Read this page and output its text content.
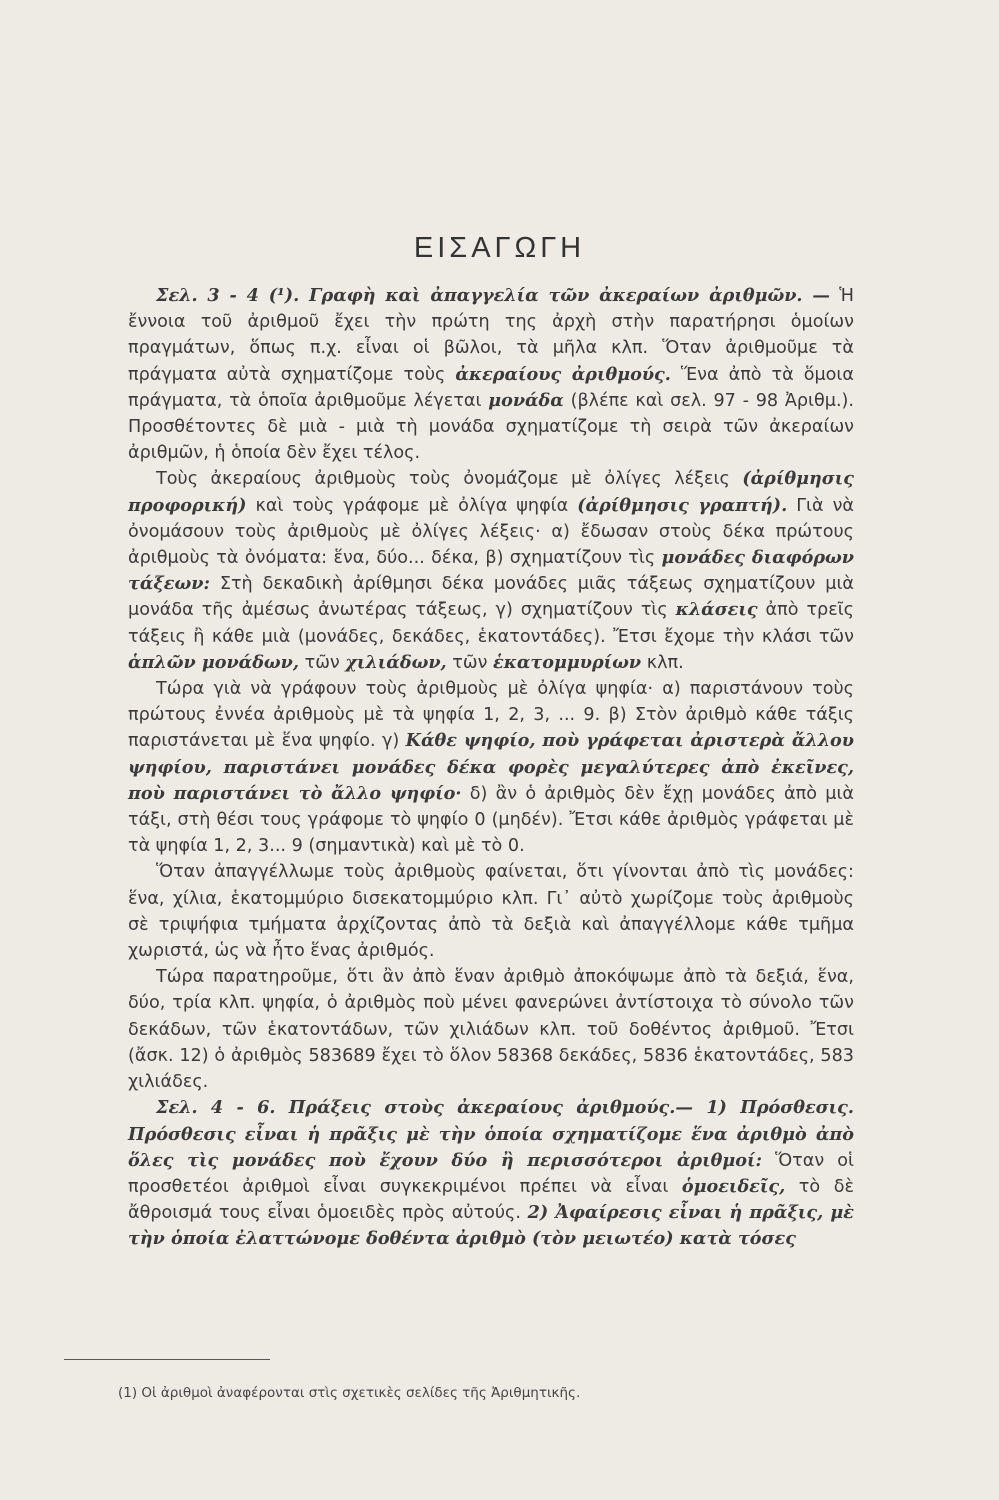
ΕΙΣΑΓΩΓΗ

Σελ. 3 - 4 (¹). Γραφὴ καὶ ἀπαγγελία τῶν ἀκεραίων ἀριθμῶν. — Ἡ ἔννοια τοῦ ἀριθμοῦ ἔχει τὴν πρώτη της ἀρχὴ στὴν παρατήρησι ὁμοίων πραγμάτων, ὅπως π.χ. εἶναι οἱ βῶλοι, τὰ μῆλα κλπ. Ὅταν ἀριθμοῦμε τὰ πράγματα αὐτὰ σχηματίζομε τοὺς ἀκεραίους ἀριθμούς. Ἕνα ἀπὸ τὰ ὅμοια πράγματα, τὰ ὁποῖα ἀριθμοῦμε λέγεται μονάδα (βλέπε καὶ σελ. 97 - 98 Ἀριθμ.). Προσθέτοντες δὲ μιὰ - μιὰ τὴ μονάδα σχηματίζομε τὴ σειρὰ τῶν ἀκεραίων ἀριθμῶν, ἡ ὁποία δὲν ἔχει τέλος.

Τοὺς ἀκεραίους ἀριθμοὺς τοὺς ὀνομάζομε μὲ ὀλίγες λέξεις (ἀρίθμησις προφορική) καὶ τοὺς γράφομε μὲ ὀλίγα ψηφία (ἀρίθμησις γραπτή). Γιὰ νὰ ὀνομάσουν τοὺς ἀριθμοὺς μὲ ὀλίγες λέξεις· α) ἔδωσαν στοὺς δέκα πρώτους ἀριθμοὺς τὰ ὀνόματα: ἕνα, δύο... δέκα, β) σχηματίζουν τὶς μονάδες διαφόρων τάξεων: Στὴ δεκαδικὴ ἀρίθμησι δέκα μονάδες μιᾶς τάξεως σχηματίζουν μιὰ μονάδα τῆς ἀμέσως ἀνωτέρας τάξεως, γ) σχηματίζουν τὶς κλάσεις ἀπὸ τρεῖς τάξεις ἢ κάθε μιὰ (μονάδες, δεκάδες, ἑκατοντάδες). Ἔτσι ἔχομε τὴν κλάσι τῶν ἁπλῶν μονάδων, τῶν χιλιάδων, τῶν ἑκατομμυρίων κλπ.

Τώρα γιὰ νὰ γράφουν τοὺς ἀριθμοὺς μὲ ὀλίγα ψηφία· α) παριστάνουν τοὺς πρώτους ἐννέα ἀριθμοὺς μὲ τὰ ψηφία 1, 2, 3, ... 9. β) Στὸν ἀριθμὸ κάθε τάξις παριστάνεται μὲ ἕνα ψηφίο. γ) Κάθε ψηφίο, ποὺ γράφεται ἀριστερὰ ἄλλου ψηφίου, παριστάνει μονάδες δέκα φορὲς μεγαλύτερες ἀπὸ ἐκεῖνες, ποὺ παριστάνει τὸ ἄλλο ψηφίο· δ) ἂν ὁ ἀριθμὸς δὲν ἔχῃ μονάδες ἀπὸ μιὰ τάξι, στὴ θέσι τους γράφομε τὸ ψηφίο 0 (μηδέν). Ἔτσι κάθε ἀριθμὸς γράφεται μὲ τὰ ψηφία 1, 2, 3... 9 (σημαντικὰ) καὶ μὲ τὸ 0.

Ὅταν ἀπαγγέλλωμε τοὺς ἀριθμοὺς φαίνεται, ὅτι γίνονται ἀπὸ τὶς μονάδες: ἕνα, χίλια, ἑκατομμύριο δισεκατομμύριο κλπ. Γι᾽ αὐτὸ χωρίζομε τοὺς ἀριθμοὺς σὲ τριψήφια τμήματα ἀρχίζοντας ἀπὸ τὰ δεξιὰ καὶ ἀπαγγέλλομε κάθε τμῆμα χωριστά, ὡς νὰ ἦτο ἕνας ἀριθμός.

Τώρα παρατηροῦμε, ὅτι ἂν ἀπὸ ἕναν ἀριθμὸ ἀποκόψωμε ἀπὸ τὰ δεξιά, ἕνα, δύο, τρία κλπ. ψηφία, ὁ ἀριθμὸς ποὺ μένει φανερώνει ἀντίστοιχα τὸ σύνολο τῶν δεκάδων, τῶν ἑκατοντάδων, τῶν χιλιάδων κλπ. τοῦ δοθέντος ἀριθμοῦ. Ἔτσι (ἄσκ. 12) ὁ ἀριθμὸς 583689 ἔχει τὸ ὅλον 58368 δεκάδες, 5836 ἑκατοντάδες, 583 χιλιάδες.

Σελ. 4 - 6. Πράξεις στοὺς ἀκεραίους ἀριθμούς.— 1) Πρόσθεσις. Πρόσθεσις εἶναι ἡ πρᾶξις μὲ τὴν ὁποία σχηματίζομε ἕνα ἀριθμὸ ἀπὸ ὅλες τὶς μονάδες ποὺ ἔχουν δύο ἢ περισσότεροι ἀριθμοί: Ὅταν οἱ προσθετέοι ἀριθμοὶ εἶναι συγκεκριμένοι πρέπει νὰ εἶναι ὁμοειδεῖς, τὸ δὲ ἄθροισμά τους εἶναι ὁμοειδὲς πρὸς αὐτούς. 2) Ἀφαίρεσις εἶναι ἡ πρᾶξις, μὲ τὴν ὁποία ἐλαττώνομε δοθέντα ἀριθμὸ (τὸν μειωτέο) κατὰ τόσες

(1) Οἱ ἀριθμοὶ ἀναφέρονται στὶς σχετικὲς σελίδες τῆς Ἀριθμητικῆς.
